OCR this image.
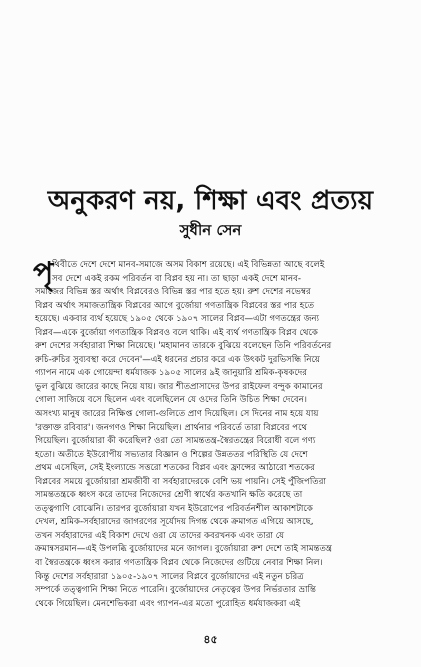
অনুকরণ নয়, শিক্ষা এবং প্রত্যয়
সুধীন সেন
পৃ
থিবীতে দেশে দেশে মানব-সমাজে অসম বিকাশ রয়েছে। এই বিভিন্নতা আছে বলেই
সব দেশে একই রকম পরিবর্তন বা বিপ্লব হয় না। তা ছাড়া একই দেশে মানব-
সমাজের বিভিন্ন স্তর অর্থাৎ বিপ্লবেরও বিভিন্ন স্তর পার হতে হয়। রুশ দেশের নভেম্বর
বিপ্লব অর্থাৎ সমাজতান্ত্রিক বিপ্লবের আগে বুর্জোয়া গণতান্ত্রিক বিপ্লবের স্তর পার হতে
হয়েছে। একবার ব্যর্থ হয়েছে ১৯০৫ থেকে ১৯০৭ সালের বিপ্লব—এটা গণতন্ত্রের জন্য
বিপ্লব—একে বুর্জোয়া গণতান্ত্রিক বিপ্লবও বলে থাকি। এই ব্যর্থ গণতান্ত্রিক বিপ্লব থেকে
রুশ দেশের সর্বহারারা শিক্ষা নিয়েছে। 'মহামানব তারকে বুঝিয়ে বলেছেন তিনি পরিবর্তনের
রুচি-রুচির সুব্যবস্থা করে দেবেন'—এই ধরনের প্রচার করে এক উৎকট দুরভিসন্ধি নিয়ে
গ্যাপন নামে এক গোয়েন্দা ধর্মযাজক ১৯০৫ সালের ৯ই জানুয়ারি শ্রমিক-কৃষকদের
ভুল বুঝিয়ে জারের কাছে নিয়ে যায়। জার শীতপ্রাসাদের উপর রাইফেল বন্দুক কামানের
গোলা সাজিয়ে বসে ছিলেন এবং বলেছিলেন যে ওদের তিনি উচিত শিক্ষা দেবেন।
অসংখ্য মানুষ জারের নিক্ষিপ্ত গোলা-গুলিতে প্রাণ দিয়েছিল। সে দিনের নাম হয়ে যায়
'রক্তাক্ত রবিবার'। জনগণও শিক্ষা নিয়েছিল। প্রার্থনার পরিবর্তে তারা বিপ্লবের পথে
গিয়েছিল। বুর্জোয়ারা কী করেছিল? ওরা তো সামন্ততন্ত্র-স্বৈরতন্ত্রের বিরোধী বলে গণ্য
হতো। অতীতে ইউরোপীয় সভ্যতার বিজ্ঞান ও শিল্পের উন্নততর পরিস্থিতি যে দেশে
প্রথম এসেছিল, সেই ইংল্যান্ডে সত্তরো শতকের বিপ্লব এবং ফ্রান্সের আঠারো শতকের
বিপ্লবের সময়ে বুর্জোয়ারা শ্রমজীবী বা সর্বহারাদেরকে বেশি ভয় পায়নি। সেই পুঁজিপতিরা
সামন্ততন্ত্রকে ধ্বংস করে তাদের নিজেদের শ্রেণী স্বার্থের কতখানি ক্ষতি করেছে তা
তত্ত্বগাণি বোঝেনি। তারপর বুর্জোয়ারা যখন ইউরোপের পরিবর্তনশীল আকাশটাকে
দেখল, শ্রমিক-সর্বহারাদের জাগরণের সূর্যোদয় দিগন্ত থেকে ক্রমাগত এগিয়ে আসছে,
তখন সর্বহারাদের এই বিকাশ দেখে ওরা যে তাদের কবরখনক এবং তারা যে
ক্রমান্বসরমান—এই উপলব্ধি বুর্জোয়াদের মনে জাগল। বুর্জোয়ারা রুশ দেশে তাই সামন্ততন্ত্র
বা স্বৈরতন্ত্রকে ধ্বংস করার গণতান্ত্রিক বিপ্লব থেকে নিজেদের গুটিয়ে নেবার শিক্ষা নিল।
কিন্তু দেশের সর্বহারারা ১৯০৫-১৯০৭ সালের বিপ্লবে বুর্জোয়াদের এই নতুন চরিত্র
সম্পর্কে তত্ত্বগানি শিক্ষা নিতে পারেনি। বুর্জোয়াদের নেতৃত্বের উপর নির্ভরতার ভ্রান্তি
থেকে গিয়েছিল। মেনশেভিকরা এবং গ্যাপন-এর মতো পুরোহিত ধর্মযাজকরা এই
৪৫
